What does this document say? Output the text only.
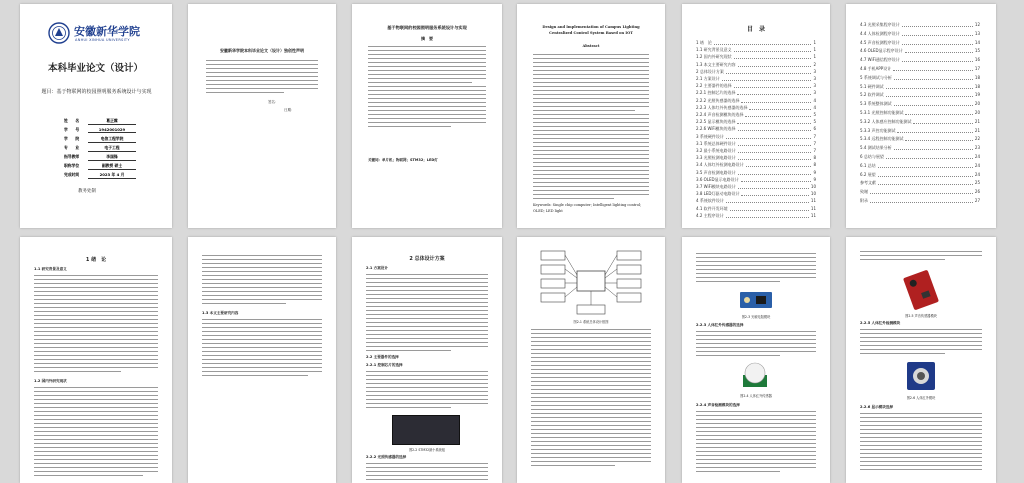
安徽新华学院
ANHUI XINHUA UNIVERSITY
本科毕业论文（设计）
题目：基于物联网的校园照明服务系统设计与实现
姓　　名	葛正霖
学　　号	1942001029
学　　院	电信工程学院
专　　业	电子工程
指导教师	李国锋
职称学位	副教授 硕士
完成时间	2023 年 4 月
教务处制
安徽新华学院本科毕业论文（设计）独创性声明
签名：
日期：
基于物联网的校园照明服务系统设计与实现
摘　要
关键词：单片机；物联网；STM32；LED灯
Design and Implementation of Campus Lighting Centralized Control System Based on IOT
Abstract
Keywords: Single chip computer; Intelligent lighting control; OLED; LED light
目　录
1 绪　论	1
1.1 研究背景及意义	1
1.2 国内外研究现状	1
1.3 本文主要研究内容	2
2 总体设计方案	3
2.1 方案设计	3
2.2 主要器件的选择	3
2.2.1 控制芯片的选择	3
2.2.2 光照传感器的选择	4
2.2.3 人体红外传感器的选择	4
2.2.4 声音检测模块的选择	5
2.2.5 显示模块的选择	5
2.2.6 WiFi模块的选择	6
3 系统硬件设计	7
3.1 系统总体硬件设计	7
3.2 最小系统电路设计	7
3.3 光照检测电路设计	8
3.4 人体红外检测电路设计	8
3.5 声音检测电路设计	9
3.6 OLED显示电路设计	9
3.7 WiFi模块电路设计	10
3.8 LED灯驱动电路设计	10
4 系统软件设计	11
4.1 软件开发环境	11
4.2 主程序设计	11
4.3 光照采集程序设计	12
4.4 人体检测程序设计	13
4.5 声音检测程序设计	14
4.6 OLED显示程序设计	15
4.7 WiFi通信程序设计	16
4.8 手机APP设计	17
5 系统调试与分析	18
5.1 硬件调试	18
5.2 软件调试	19
5.3 系统整体测试	20
5.3.1 光照控制功能测试	20
5.3.2 人体感应控制功能测试	21
5.3.3 声控功能测试	21
5.3.4 远程控制功能测试	22
5.4 测试结果分析	23
6 总结与展望	24
6.1 总结	24
6.2 展望	24
参考文献	25
致谢	26
附录	27
1 绪　论
1.1 研究背景及意义
1.2 国内外研究现状
1.3 本文主要研究内容
2 总体设计方案
2.1 方案设计
2.2 主要器件的选择
2.2.1 控制芯片的选择
图2-2 STM32最小系统板
2.2.2 光照传感器的选择
图2-1 系统总体设计框图
图2-3 光敏电阻模块
2.2.3 人体红外传感器的选择
图2-4 人体红外传感器
2.2.4 声音检测模块的选择
图2-5 声音传感器模块
2.2.5 人体红外检测模块
图2-6 人体红外模块
2.2.6 显示模块选择
